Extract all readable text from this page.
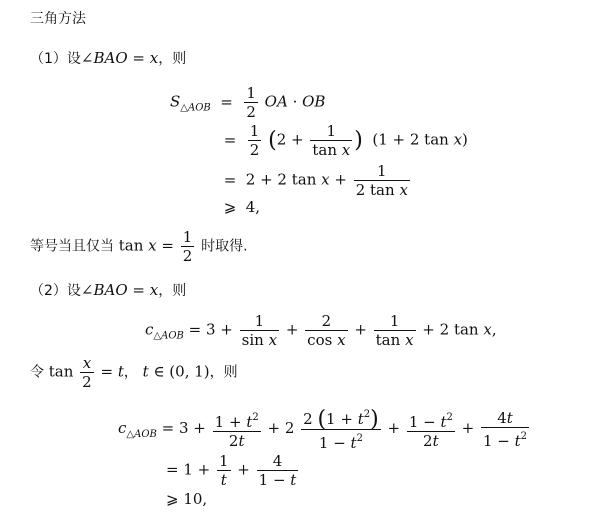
三角方法
（1）设∠BAO = x，则
$S_{\triangle AOB} = \frac{1}{2}$ OA · OB
= $\frac{1}{2} (2 + \frac{1}{\text{tan x}}$ )  (1 + 2 tan x)
= 2 + 2 $\tan x + \frac{1}{\text{2 tan x}}$
⩾ 4,
等号当且仅当 $\tan x = \frac{1}{2}$ 时取得.
（2）设∠BAO = x，则
$c_{\triangle AOB} = 3 + \frac{1}{\text{sin x}} + \frac{2}{\text{cos x}} + \frac{1}{\text{tan x}} + 2$ tan x,
令 $\tan \frac{x}{2} = t$， t ∈ (0, 1)，则
$c_{\triangle AOB} = 3 + \frac{1 + t^2}{2t} + 2 \frac{2 (1 + t^2)}{1 - t^2} + \frac{1 - t^2}{2t} + \frac{4t}{1 - t^2}$
= $1 + \frac{1}{t} + \frac{4}{1 - t}$
⩾ 10,
